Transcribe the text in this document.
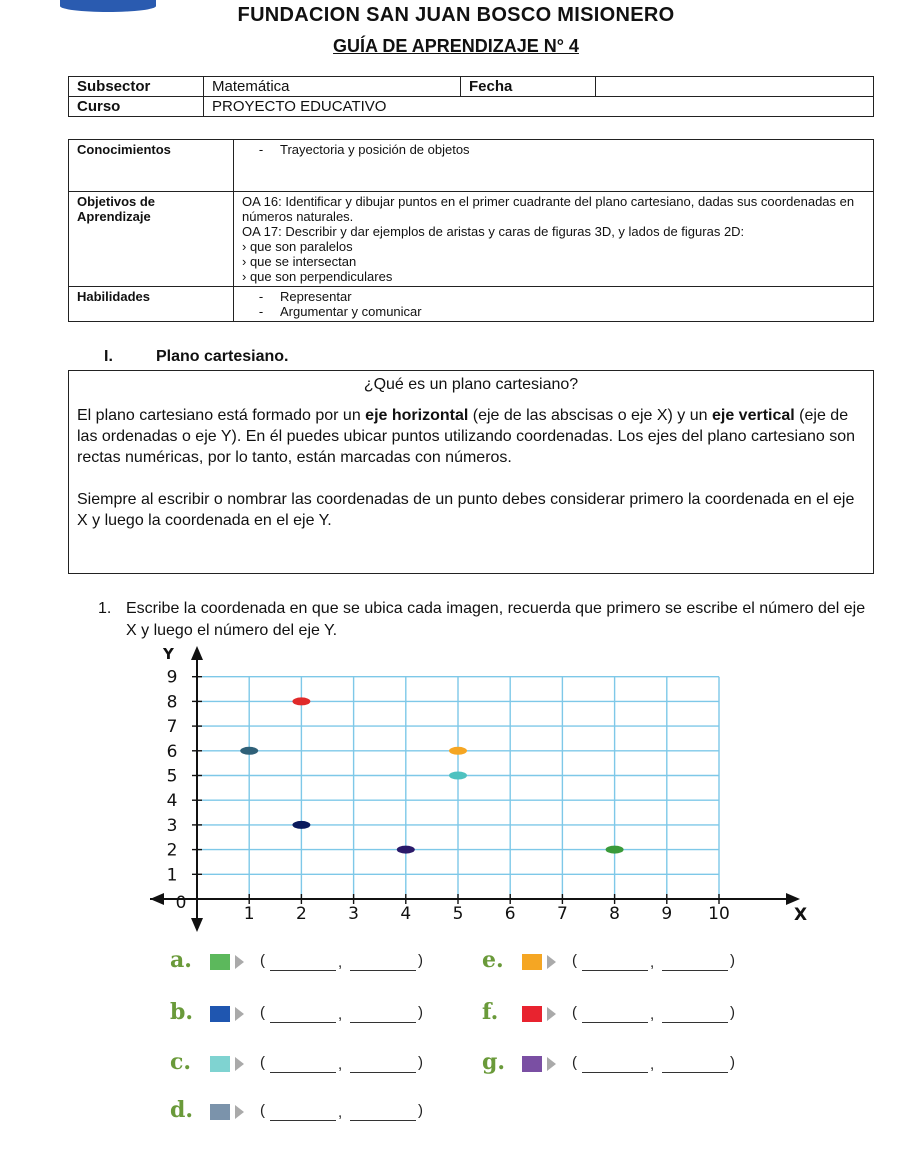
FUNDACION SAN JUAN BOSCO MISIONERO
GUÍA DE APRENDIZAJE N° 4
Subsector	Matemática	Fecha	
Curso	PROYECTO EDUCATIVO		
Conocimientos	- Trayectoria y posición de objetos
Objetivos de Aprendizaje	OA 16: Identificar y dibujar puntos en el primer cuadrante del plano cartesiano, dadas sus coordenadas en números naturales.
OA 17: Describir y dar ejemplos de aristas y caras de figuras 3D, y lados de figuras 2D:
› que son paralelos
› que se intersectan
› que son perpendiculares

Habilidades	- Representar
- Argumentar y comunicar
I.	Plano cartesiano.
¿Qué es un plano cartesiano?

El plano cartesiano está formado por un eje horizontal (eje de las abscisas o eje X) y un eje vertical (eje de las ordenadas o eje Y). En él puedes ubicar puntos utilizando coordenadas. Los ejes del plano cartesiano son rectas numéricas, por lo tanto, están marcadas con números.

Siempre al escribir o nombrar las coordenadas de un punto debes considerar primero la coordenada en el eje X y luego la coordenada en el eje Y.

1. Escribe la coordenada en que se ubica cada imagen, recuerda que primero se escribe el número del eje X y luego el número del eje Y.
0
1 2 3 4 5 6 7 8 9 10
1
2
3
4
5
6
7
8
9
X
Y
a.	(	,	)
b.	(	,	)
c.	(	,	)
d.	(	,	)
e.	(	,	)
f.	(	,	)
g.	(	,	)
